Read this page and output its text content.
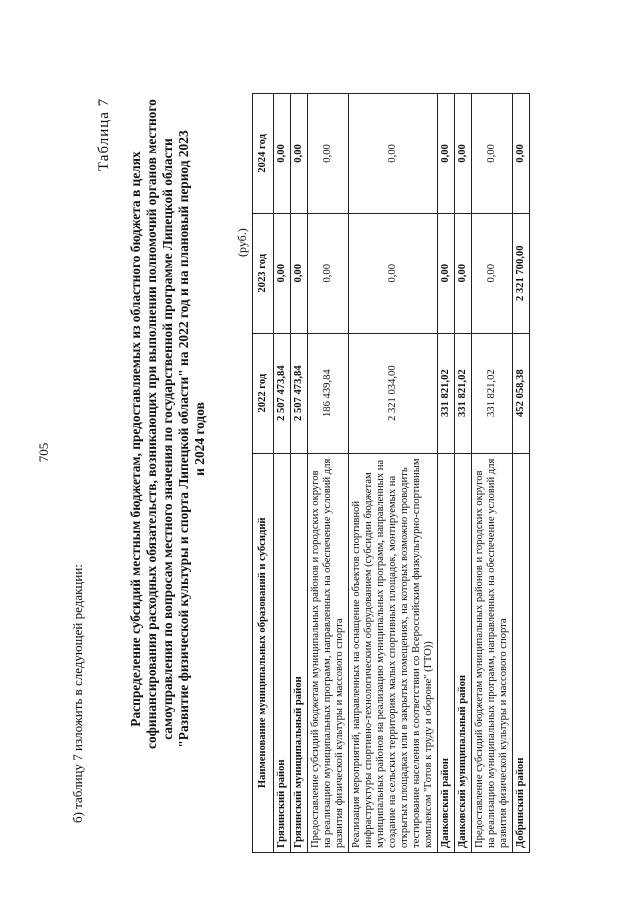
705
б) таблицу 7 изложить в следующей редакции:
Таблица 7
Распределение субсидий местным бюджетам, предоставляемых из областного бюджета в целях софинансирования расходных обязательств, возникающих при выполнении полномочий органов местного самоуправления по вопросам местного значения по государственной программе Липецкой области "Развитие физической культуры и спорта Липецкой области" на 2022 год и на плановый период 2023 и 2024 годов
(руб.)
Наименование муниципальных образований и субсидий	2022 год	2023 год	2024 год
Грязинский район	2 507 473,84	0,00	0,00
Грязинский муниципальный район	2 507 473,84	0,00	0,00
Предоставление субсидий бюджетам муниципальных районов и городских округов на реализацию муниципальных программ, направленных на обеспечение условий для развития физической культуры и массового спорта	186 439,84	0,00	0,00
Реализация мероприятий, направленных на оснащение объектов спортивной инфраструктуры спортивно-технологическим оборудованием (субсидии бюджетам муниципальных районов на реализацию муниципальных программ, направленных на создание на сельских территориях малых спортивных площадок, монтируемых на открытых площадках или в закрытых помещениях, на которых возможно проводить тестирование населения в соответствии со Всероссийским физкультурно-спортивным комплексом "Готов к труду и обороне" (ГТО))	2 321 034,00	0,00	0,00
Данковский район	331 821,02	0,00	0,00
Данковский муниципальный район	331 821,02	0,00	0,00
Предоставление субсидий бюджетам муниципальных районов и городских округов на реализацию муниципальных программ, направленных на обеспечение условий для развития физической культуры и массового спорта	331 821,02	0,00	0,00
Добринский район	452 058,38	2 321 700,00	0,00
